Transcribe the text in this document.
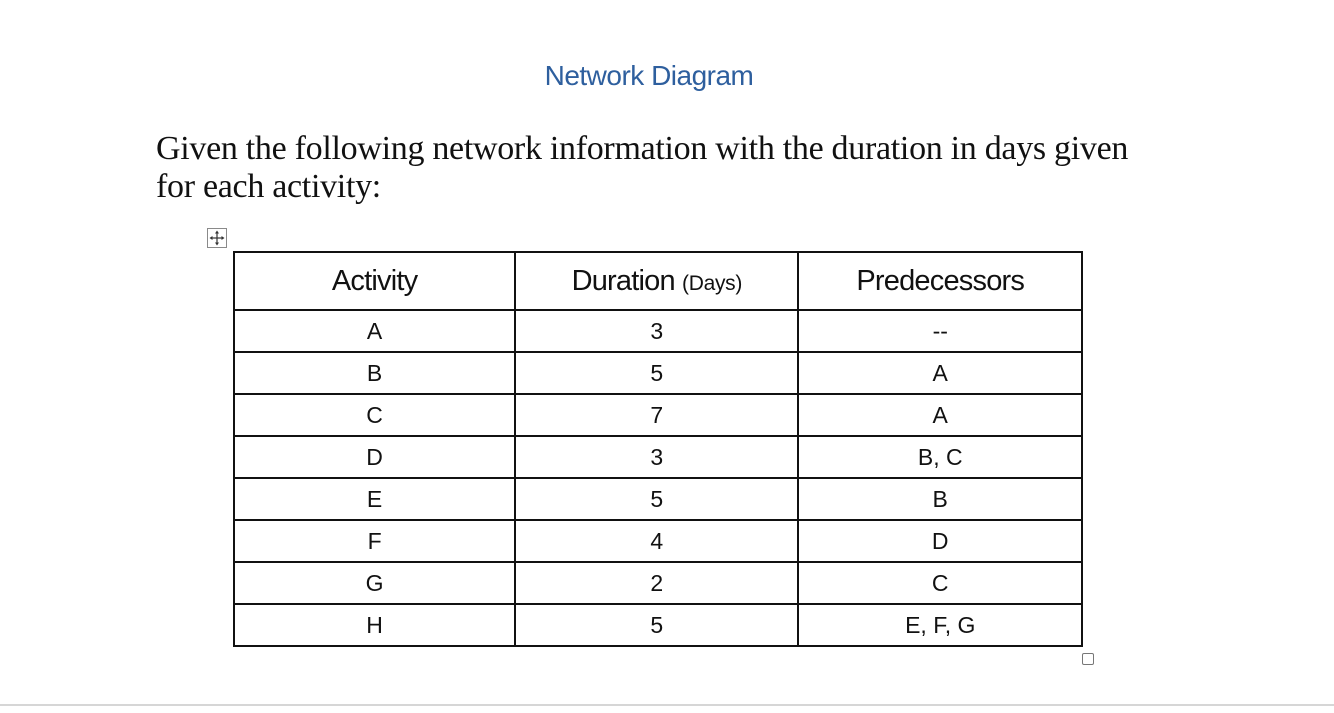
Network Diagram
Given the following network information with the duration in days given for each activity:
Activity	Duration (Days)	Predecessors
A	3	--
B	5	A
C	7	A
D	3	B, C
E	5	B
F	4	D
G	2	C
H	5	E, F, G
